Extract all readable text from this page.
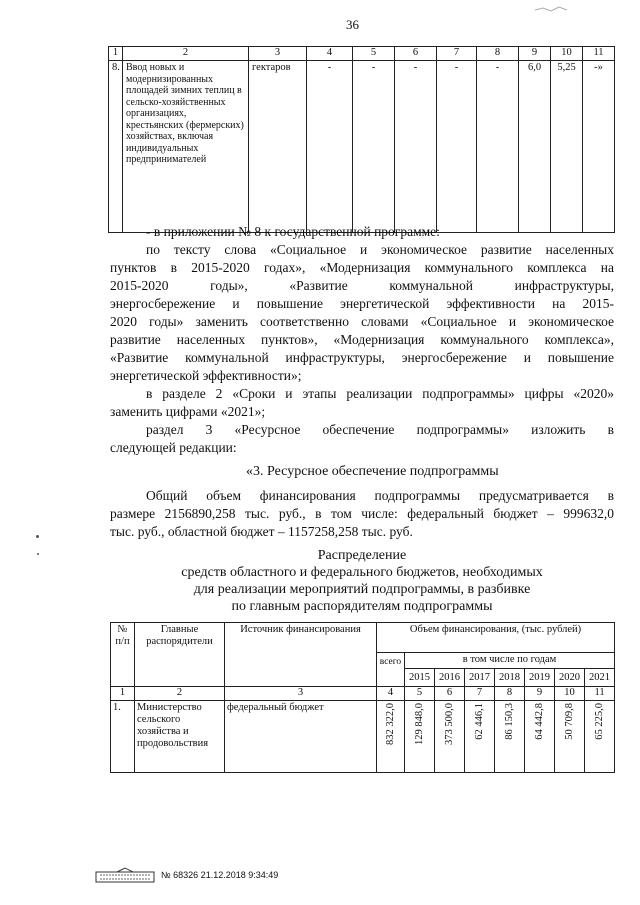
36
1	2	3	4	5	6	7	8	9	10	11
8.	Ввод новых и модернизированных площадей зимних теплиц в сельско-хозяйственных организациях, крестьянских (фермерских) хозяйствах, включая индивидуальных предпринимателей	гектаров	-	-	-	-	-	6,0	5,25	-»
- в приложении № 8 к государственной программе:
по тексту слова «Социальное и экономическое развитие населенных
пунктов в 2015-2020 годах», «Модернизация коммунального комплекса на
2015-2020 годы», «Развитие коммунальной инфраструктуры,
энергосбережение и повышение энергетической эффективности на 2015-
2020 годы» заменить соответственно словами «Социальное и экономическое
развитие населенных пунктов», «Модернизация коммунального комплекса»,
«Развитие коммунальной инфраструктуры, энергосбережение и повышение
энергетической эффективности»;
в разделе 2 «Сроки и этапы реализации подпрограммы» цифры «2020»
заменить цифрами «2021»;
раздел 3 «Ресурсное обеспечение подпрограммы» изложить в
следующей редакции:
«3. Ресурсное обеспечение подпрограммы
Общий объем финансирования подпрограммы предусматривается в
размере 2156890,258 тыс. руб., в том числе: федеральный бюджет – 999632,0
тыс. руб., областной бюджет – 1157258,258 тыс. руб.
Распределение
средств областного и федерального бюджетов, необходимых
для реализации мероприятий подпрограммы, в разбивке
по главным распорядителям подпрограммы
№ п/п	Главные распорядители	Источник финансирования	Объем финансирования, (тыс. рублей)							
			всего	в том числе по годам						
				2015	2016	2017	2018	2019	2020	2021
1	2	3	4	5	6	7	8	9	10	11
1.	Министерство сельского хозяйства и продовольствия	федеральный бюджет	832 322,0	129 848,0	373 500,0	62 446,1	86 150,3	64 442,8	50 709,8	65 225,0
№ 68326 21.12.2018 9:34:49
